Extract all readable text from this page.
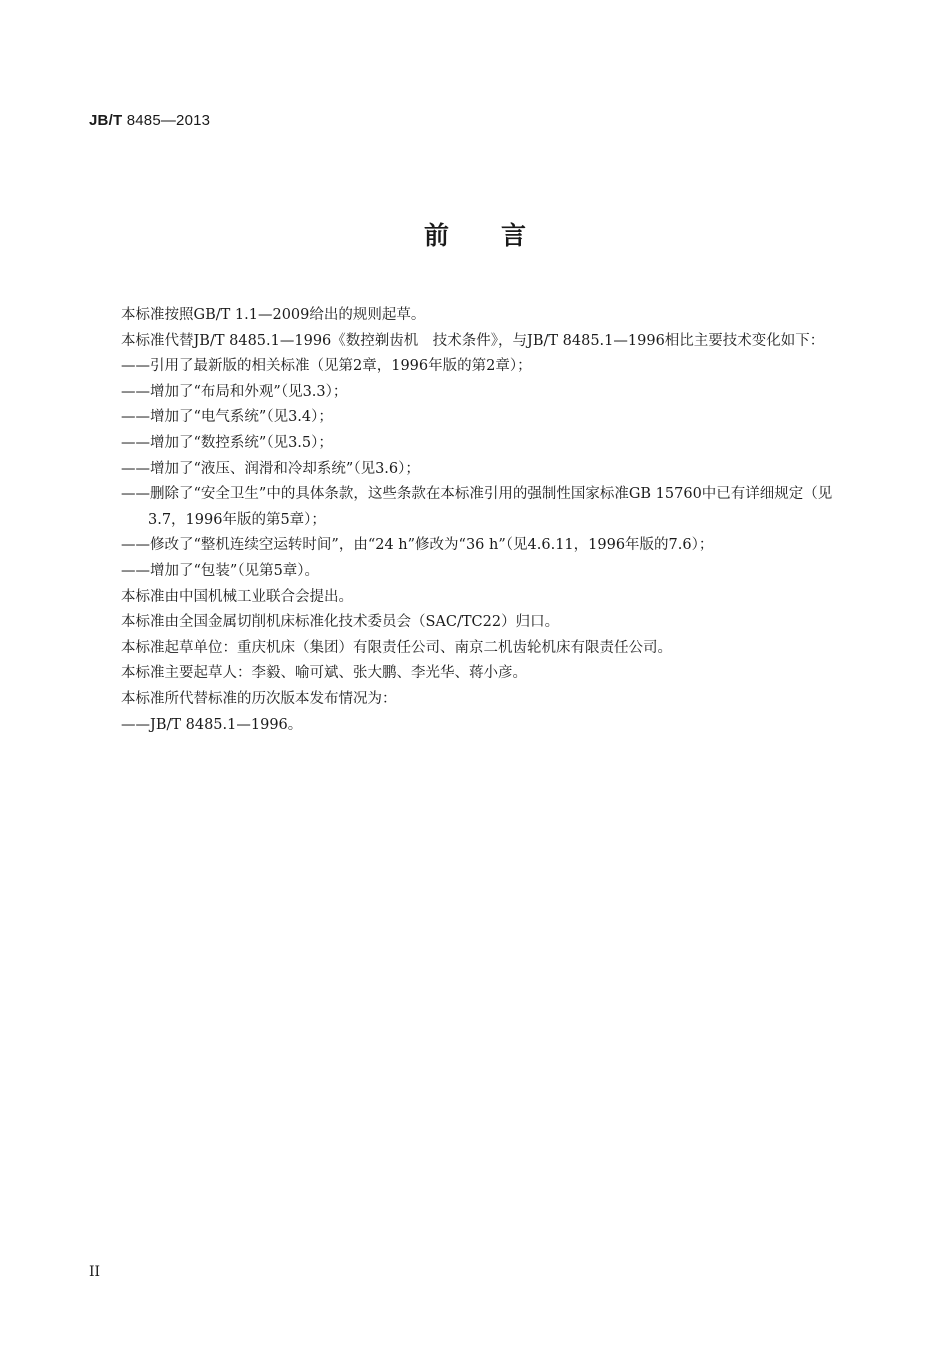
JB/T 8485—2013
前言

本标准按照GB/T 1.1—2009给出的规则起草。

本标准代替JB/T 8485.1—1996《数控剃齿机　技术条件》，与JB/T 8485.1—1996相比主要技术变化如下：

——引用了最新版的相关标准（见第2章，1996年版的第2章）；

——增加了“布局和外观”（见3.3）；

——增加了“电气系统”（见3.4）；

——增加了“数控系统”（见3.5）；

——增加了“液压、润滑和冷却系统”（见3.6）；

——删除了“安全卫生”中的具体条款，这些条款在本标准引用的强制性国家标准GB 15760中已有详细规定（见3.7，1996年版的第5章）；

——修改了“整机连续空运转时间”，由“24 h”修改为“36 h”（见4.6.11，1996年版的7.6）；

——增加了“包装”（见第5章）。

本标准由中国机械工业联合会提出。

本标准由全国金属切削机床标准化技术委员会（SAC/TC22）归口。

本标准起草单位：重庆机床（集团）有限责任公司、南京二机齿轮机床有限责任公司。

本标准主要起草人：李毅、喻可斌、张大鹏、李光华、蒋小彦。

本标准所代替标准的历次版本发布情况为：

——JB/T 8485.1—1996。

II
